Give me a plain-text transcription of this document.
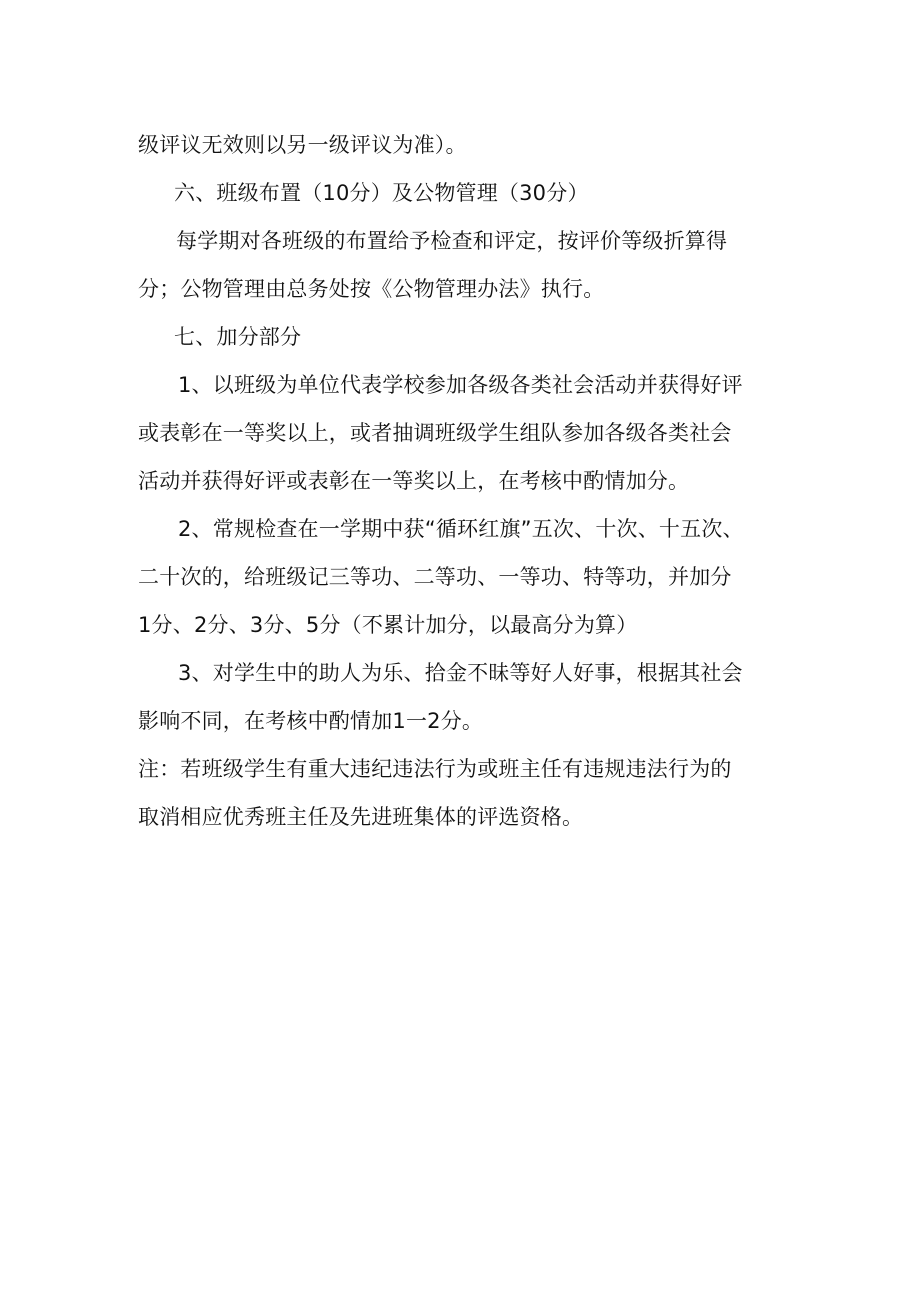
级评议无效则以另一级评议为准）。
六、班级布置（10分）及公物管理（30分）
每学期对各班级的布置给予检查和评定，按评价等级折算得
分；公物管理由总务处按《公物管理办法》执行。
七、加分部分
1、以班级为单位代表学校参加各级各类社会活动并获得好评
或表彰在一等奖以上，或者抽调班级学生组队参加各级各类社会
活动并获得好评或表彰在一等奖以上，在考核中酌情加分。
2、常规检查在一学期中获“循环红旗”五次、十次、十五次、
二十次的，给班级记三等功、二等功、一等功、特等功，并加分
1分、2分、3分、5分（不累计加分，以最高分为算）
3、对学生中的助人为乐、拾金不昧等好人好事，根据其社会
影响不同，在考核中酌情加1一2分。
注：若班级学生有重大违纪违法行为或班主任有违规违法行为的
取消相应优秀班主任及先进班集体的评选资格。
